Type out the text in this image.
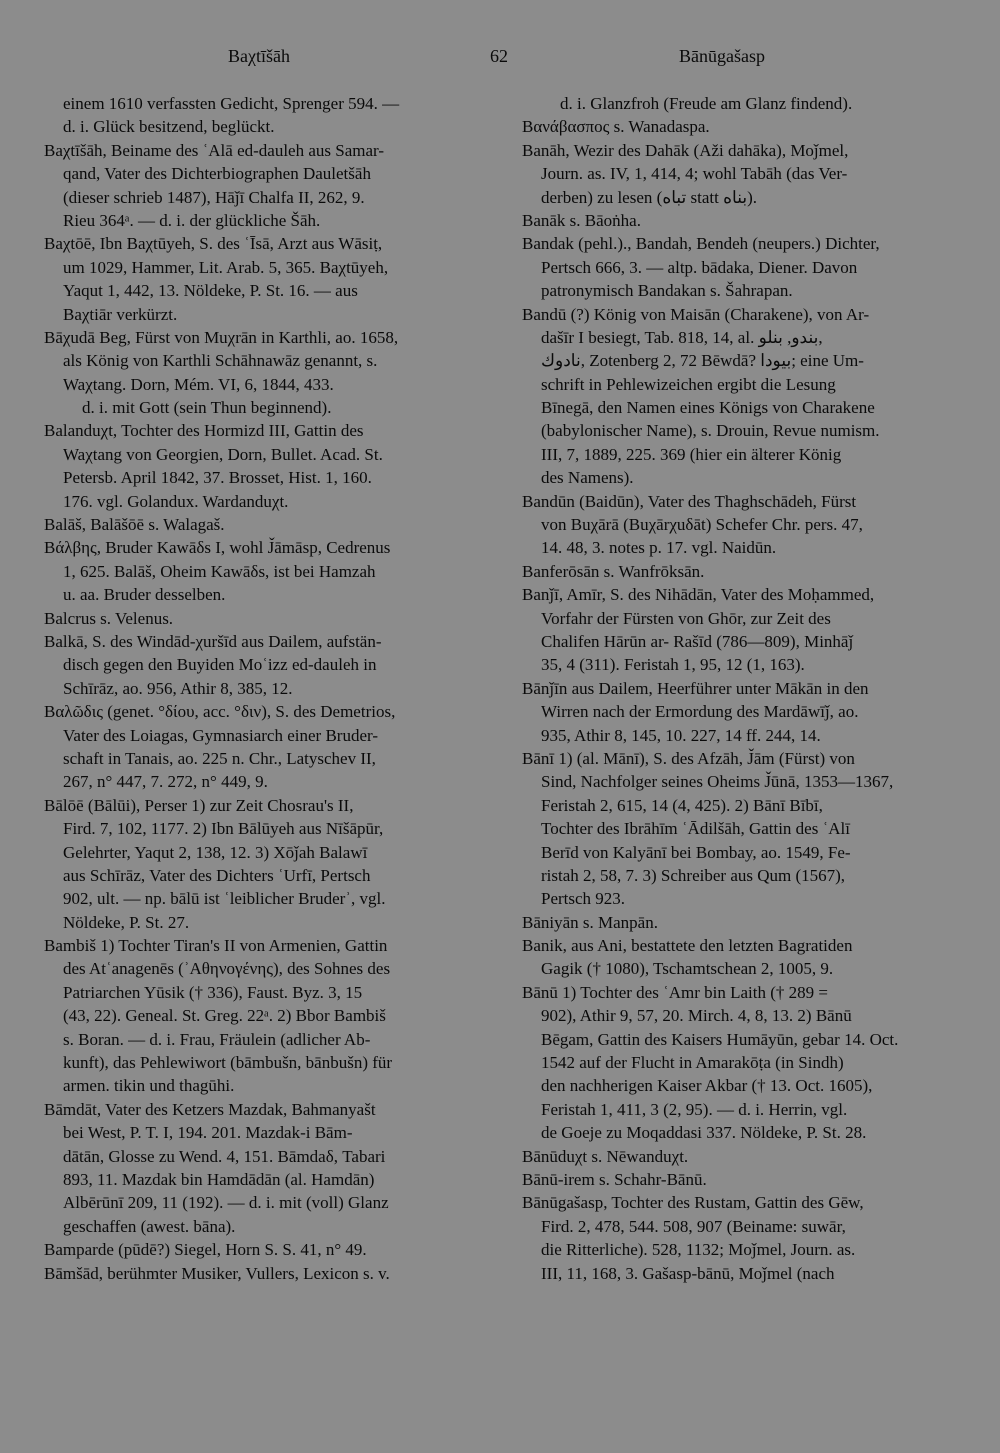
Baχtīšāh	62	Bānūgašasp
einem 1610 verfassten Gedicht, Sprenger 594. —
d. i. Glück besitzend, beglückt.
Baχtīšāh, Beiname des ʿAlā ed-dauleh aus Samar-
qand, Vater des Dichterbiographen Dauletšāh
(dieser schrieb 1487), Hāǰī Chalfa II, 262, 9.
Rieu 364ᵃ. — d. i. der glückliche Šāh.
Baχtōē, Ibn Baχtūyeh, S. des ʿĪsā, Arzt aus Wāsiṭ,
um 1029, Hammer, Lit. Arab. 5, 365. Baχtūyeh,
Yaqut 1, 442, 13. Nöldeke, P. St. 16. — aus
Baχtiār verkürzt.
Bāχudā Beg, Fürst von Muχrān in Karthli, ao. 1658,
als König von Karthli Schāhnawāz genannt, s.
Waχtang. Dorn, Mém. VI, 6, 1844, 433.
d. i. mit Gott (sein Thun beginnend).
Balanduχt, Tochter des Hormizd III, Gattin des
Waχtang von Georgien, Dorn, Bullet. Acad. St.
Petersb. April 1842, 37. Brosset, Hist. 1, 160.
176. vgl. Golandux. Wardanduχt.
Balāš, Balāšōē s. Walagaš.
Βάλβης, Bruder Kawāδs I, wohl J̌āmāsp, Cedrenus
1, 625. Balāš, Oheim Kawāδs, ist bei Hamzah
u. aa. Bruder desselben.
Balcrus s. Velenus.
Balkā, S. des Windād-χuršīd aus Dailem, aufstän-
disch gegen den Buyiden Moʿizz ed-dauleh in
Schīrāz, ao. 956, Athir 8, 385, 12.
Βαλῶδις (genet. °δίου, acc. °διν), S. des Demetrios,
Vater des Loiagas, Gymnasiarch einer Bruder-
schaft in Tanais, ao. 225 n. Chr., Latyschev II,
267, n° 447, 7. 272, n° 449, 9.
Bālōē (Bālūi), Perser 1) zur Zeit Chosrau's II,
Fird. 7, 102, 1177. 2) Ibn Bālūyeh aus Nīšāpūr,
Gelehrter, Yaqut 2, 138, 12. 3) Xōǰah Balawī
aus Schīrāz, Vater des Dichters ʿUrfī, Pertsch
902, ult. — np. bālū ist ʿleiblicher Bruderʾ, vgl.
Nöldeke, P. St. 27.
Bambiš 1) Tochter Tiran's II von Armenien, Gattin
des Atʿanagenēs (ʾΑθηνογένης), des Sohnes des
Patriarchen Yūsik († 336), Faust. Byz. 3, 15
(43, 22). Geneal. St. Greg. 22ᵃ. 2) Bbor Bambiš
s. Boran. — d. i. Frau, Fräulein (adlicher Ab-
kunft), das Pehlewiwort (bāmbušn, bānbušn) für
armen. tikin und thagūhi.
Bāmdāt, Vater des Ketzers Mazdak, Bahmanyašt
bei West, P. T. I, 194. 201. Mazdak-i Bām-
dātān, Glosse zu Wend. 4, 151. Bāmdaδ, Tabari
893, 11. Mazdak bin Hamdādān (al. Hamdān)
Albērūnī 209, 11 (192). — d. i. mit (voll) Glanz
geschaffen (awest. bāna).
Bamparde (pūdē?) Siegel, Horn S. S. 41, n° 49.
Bāmšād, berühmter Musiker, Vullers, Lexicon s. v.
d. i. Glanzfroh (Freude am Glanz findend).
Βανάβασπος s. Wanadaspa.
Banāh, Wezir des Dahāk (Aži dahāka), Moǰmel,
Journ. as. IV, 1, 414, 4; wohl Tabāh (das Ver-
derben) zu lesen (تباه statt بناه).
Banāk s. Bāoṅha.
Bandak (pehl.)., Bandah, Bendeh (neupers.) Dichter,
Pertsch 666, 3. — altp. bādaka, Diener. Davon
patronymisch Bandakan s. Šahrapan.
Bandū (?) König von Maisān (Charakene), von Ar-
dašīr I besiegt, Tab. 818, 14, al. بندو, بنلو,
نادوك, Zotenberg 2, 72 Bēwdā? بيودا; eine Um-
schrift in Pehlewizeichen ergibt die Lesung
Bīnegā, den Namen eines Königs von Charakene
(babylonischer Name), s. Drouin, Revue numism.
III, 7, 1889, 225. 369 (hier ein älterer König
des Namens).
Bandūn (Baidūn), Vater des Thaghschādeh, Fürst
von Buχārā (Buχārχuδāt) Schefer Chr. pers. 47,
14. 48, 3. notes p. 17. vgl. Naidūn.
Banferōsān s. Wanfrōksān.
Banǰī, Amīr, S. des Nihādān, Vater des Moḥammed,
Vorfahr der Fürsten von Ghōr, zur Zeit des
Chalifen Hārūn ar- Rašīd (786—809), Minhāǰ
35, 4 (311). Feristah 1, 95, 12 (1, 163).
Bānǰīn aus Dailem, Heerführer unter Mākān in den
Wirren nach der Ermordung des Mardāwīǰ, ao.
935, Athir 8, 145, 10. 227, 14 ff. 244, 14.
Bānī 1) (al. Mānī), S. des Afzāh, J̌ām (Fürst) von
Sind, Nachfolger seines Oheims J̌ūnā, 1353—1367,
Feristah 2, 615, 14 (4, 425). 2) Bānī Bībī,
Tochter des Ibrāhīm ʿĀdilšāh, Gattin des ʿAlī
Berīd von Kalyānī bei Bombay, ao. 1549, Fe-
ristah 2, 58, 7. 3) Schreiber aus Qum (1567),
Pertsch 923.
Bāniyān s. Manpān.
Banik, aus Ani, bestattete den letzten Bagratiden
Gagik († 1080), Tschamtschean 2, 1005, 9.
Bānū 1) Tochter des ʿAmr bin Laith († 289 =
902), Athir 9, 57, 20. Mirch. 4, 8, 13. 2) Bānū
Bēgam, Gattin des Kaisers Humāyūn, gebar 14. Oct.
1542 auf der Flucht in Amarakōṭa (in Sindh)
den nachherigen Kaiser Akbar († 13. Oct. 1605),
Feristah 1, 411, 3 (2, 95). — d. i. Herrin, vgl.
de Goeje zu Moqaddasi 337. Nöldeke, P. St. 28.
Bānūduχt s. Nēwanduχt.
Bānū-irem s. Schahr-Bānū.
Bānūgašasp, Tochter des Rustam, Gattin des Gēw,
Fird. 2, 478, 544. 508, 907 (Beiname: suwār,
die Ritterliche). 528, 1132; Moǰmel, Journ. as.
III, 11, 168, 3. Gašasp-bānū, Moǰmel (nach
